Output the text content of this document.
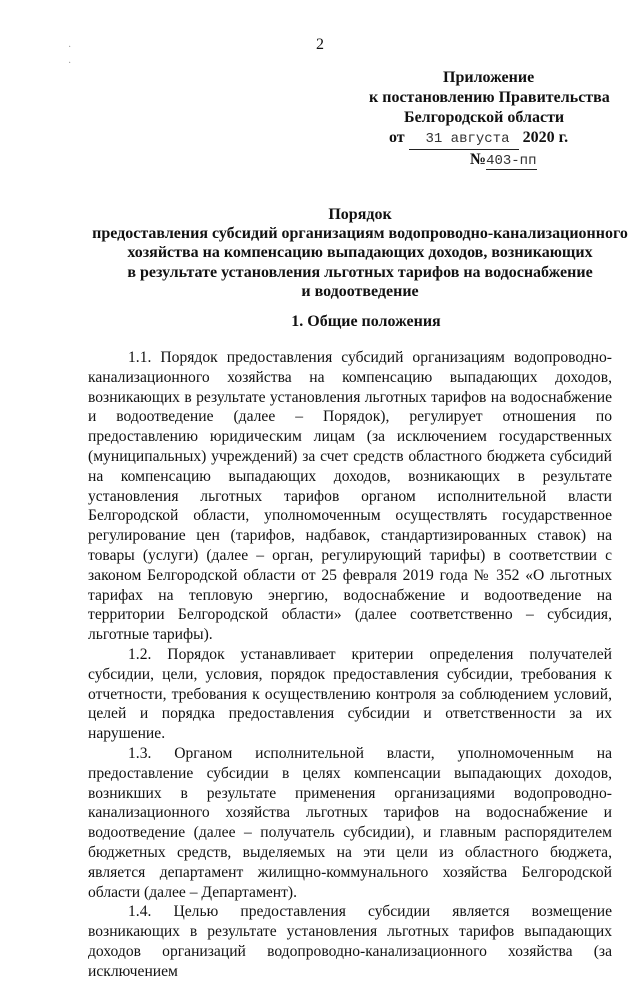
2
Приложение
к постановлению Правительства
Белгородской области
от 31 августа 2020 г.
№403-пп
Порядок
предоставления субсидий организациям водопроводно-канализационного
хозяйства на компенсацию выпадающих доходов, возникающих
в результате установления льготных тарифов на водоснабжение
и водоотведение
1. Общие положения

1.1. Порядок предоставления субсидий организациям водопроводно-канализационного хозяйства на компенсацию выпадающих доходов, возникающих в результате установления льготных тарифов на водоснабжение и водоотведение (далее – Порядок), регулирует отношения по предоставлению юридическим лицам (за исключением государственных (муниципальных) учреждений) за счет средств областного бюджета субсидий на компенсацию выпадающих доходов, возникающих в результате установления льготных тарифов органом исполнительной власти Белгородской области, уполномоченным осуществлять государственное регулирование цен (тарифов, надбавок, стандартизированных ставок) на товары (услуги) (далее – орган, регулирующий тарифы) в соответствии с законом Белгородской области от 25 февраля 2019 года № 352 «О льготных тарифах на тепловую энергию, водоснабжение и водоотведение на территории Белгородской области» (далее соответственно – субсидия, льготные тарифы).

1.2. Порядок устанавливает критерии определения получателей субсидии, цели, условия, порядок предоставления субсидии, требования к отчетности, требования к осуществлению контроля за соблюдением условий, целей и порядка предоставления субсидии и ответственности за их нарушение.

1.3. Органом исполнительной власти, уполномоченным на предоставление субсидии в целях компенсации выпадающих доходов, возникших в результате применения организациями водопроводно-канализационного хозяйства льготных тарифов на водоснабжение и водоотведение (далее – получатель субсидии), и главным распорядителем бюджетных средств, выделяемых на эти цели из областного бюджета, является департамент жилищно-коммунального хозяйства Белгородской области (далее – Департамент).

1.4. Целью предоставления субсидии является возмещение возникающих в результате установления льготных тарифов выпадающих доходов организаций водопроводно-канализационного хозяйства (за исключением

·
·
